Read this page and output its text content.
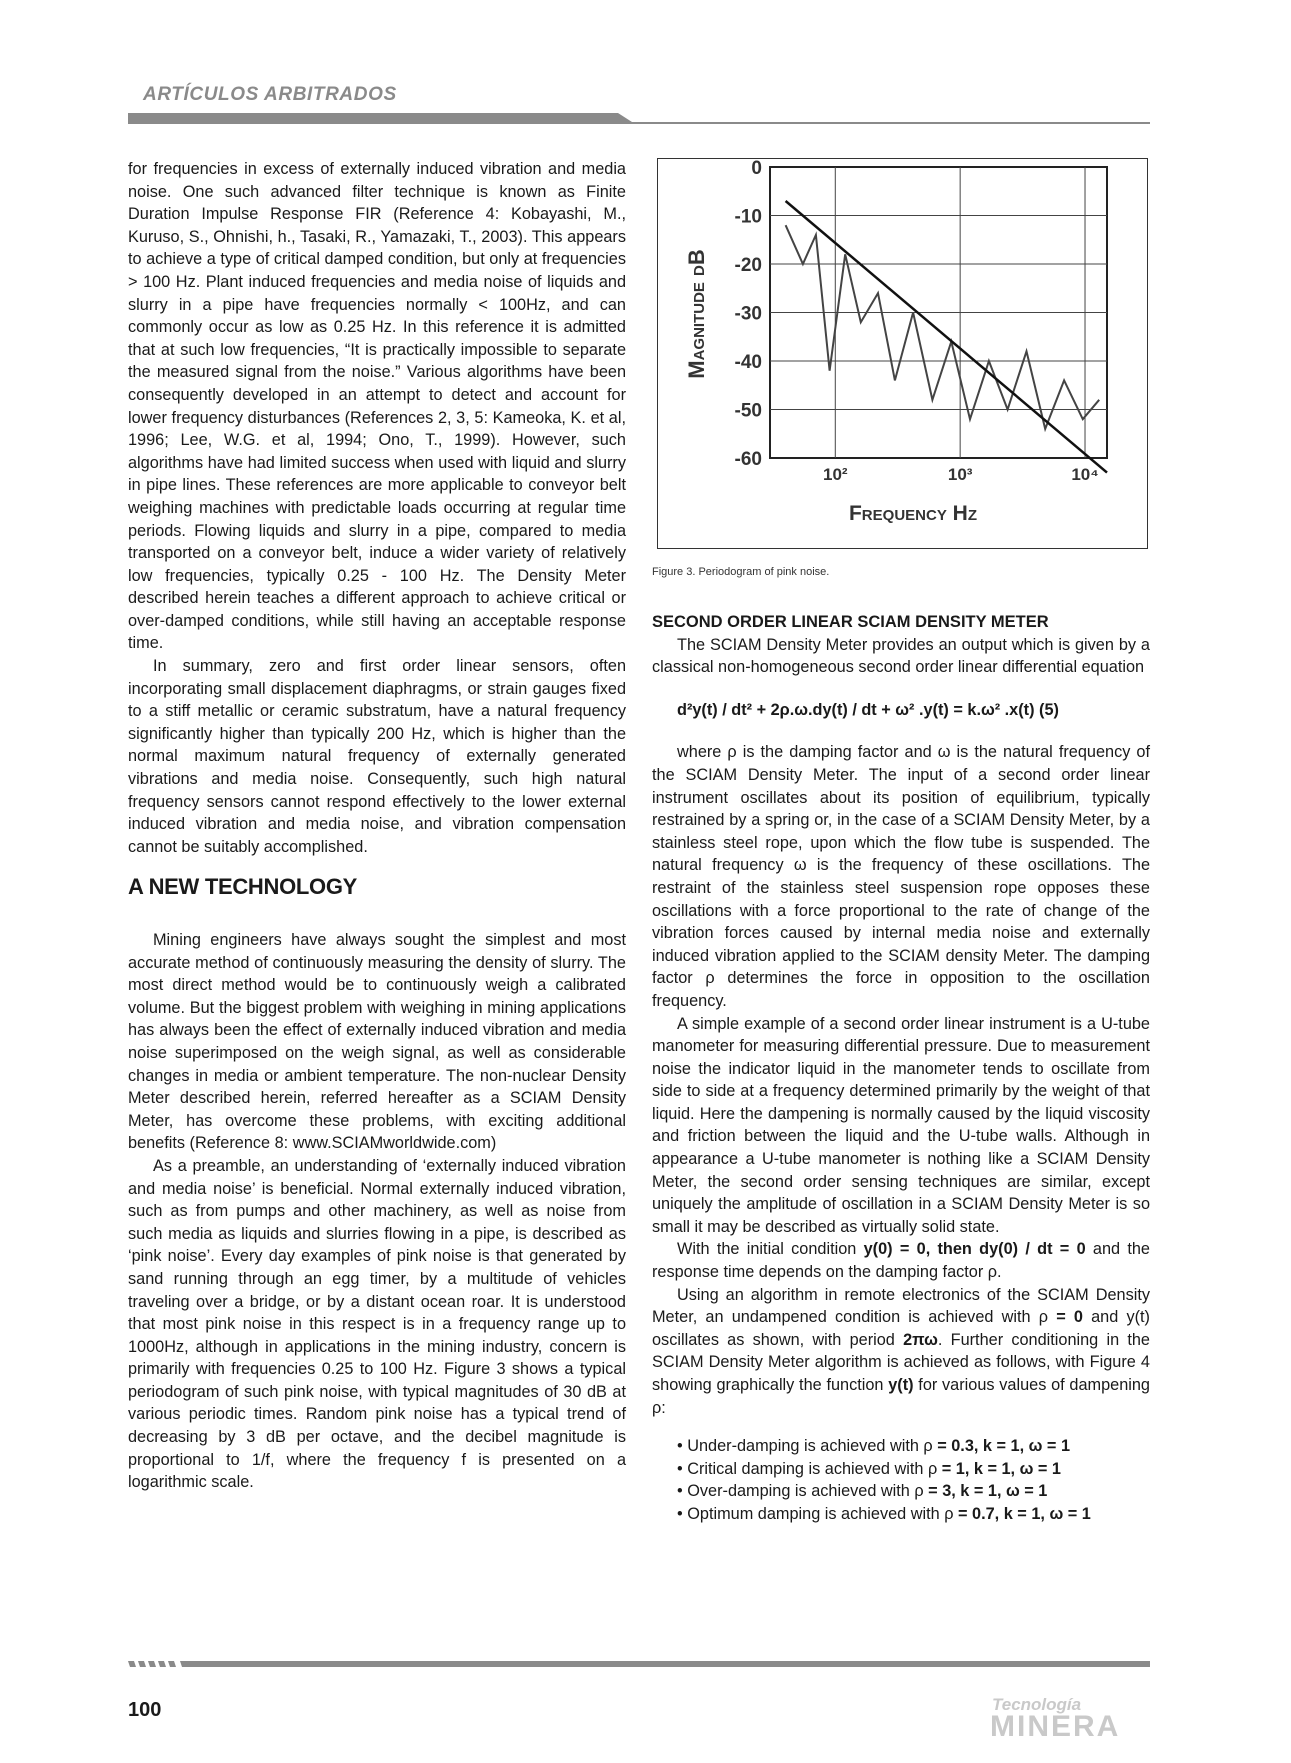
ARTÍCULOS ARBITRADOS

for frequencies in excess of externally induced vibration and media noise. One such advanced filter technique is known as Finite Duration Impulse Response FIR (Reference 4: Kobayashi, M., Kuruso, S., Ohnishi, h., Tasaki, R., Yamazaki, T., 2003). This appears to achieve a type of critical damped condition, but only at frequencies > 100 Hz. Plant induced frequencies and media noise of liquids and slurry in a pipe have frequencies normally < 100Hz, and can commonly occur as low as 0.25 Hz. In this reference it is admitted that at such low frequencies, “It is practically impossible to separate the measured signal from the noise.” Various algorithms have been consequently developed in an attempt to detect and account for lower frequency disturbances (References 2, 3, 5: Kameoka, K. et al, 1996; Lee, W.G. et al, 1994; Ono, T., 1999). However, such algorithms have had limited success when used with liquid and slurry in pipe lines. These references are more applicable to conveyor belt weighing machines with predictable loads occurring at regular time periods. Flowing liquids and slurry in a pipe, compared to media transported on a conveyor belt, induce a wider variety of relatively low frequencies, typically 0.25 - 100 Hz. The Density Meter described herein teaches a different approach to achieve critical or over-damped conditions, while still having an acceptable response time.

In summary, zero and first order linear sensors, often incorporating small displacement diaphragms, or strain gauges fixed to a stiff metallic or ceramic substratum, have a natural frequency significantly higher than typically 200 Hz, which is higher than the normal maximum natural frequency of externally generated vibrations and media noise. Consequently, such high natural frequency sensors cannot respond effectively to the lower external induced vibration and media noise, and vibration compensation cannot be suitably accomplished.

A NEW TECHNOLOGY

Mining engineers have always sought the simplest and most accurate method of continuously measuring the density of slurry. The most direct method would be to continuously weigh a calibrated volume. But the biggest problem with weighing in mining applications has always been the effect of externally induced vibration and media noise superimposed on the weigh signal, as well as considerable changes in media or ambient temperature. The non-nuclear Density Meter described herein, referred hereafter as a SCIAM Density Meter, has overcome these problems, with exciting additional benefits (Reference 8: www.SCIAMworldwide.com)

As a preamble, an understanding of ‘externally induced vibration and media noise’ is beneficial. Normal externally induced vibration, such as from pumps and other machinery, as well as noise from such media as liquids and slurries flowing in a pipe, is described as ‘pink noise’. Every day examples of pink noise is that generated by sand running through an egg timer, by a multitude of vehicles traveling over a bridge, or by a distant ocean roar. It is understood that most pink noise in this respect is in a frequency range up to 1000Hz, although in applications in the mining industry, concern is primarily with frequencies 0.25 to 100 Hz. Figure 3 shows a typical periodogram of such pink noise, with typical magnitudes of 30 dB at various periodic times. Random pink noise has a typical trend of decreasing by 3 dB per octave, and the decibel magnitude is proportional to 1/f, where the frequency f is presented on a logarithmic scale.

0
-10
-20
-30
-40
-50
-60
10²	10³	10⁴
Magnitude dB
Frequency Hz
Figure 3. Periodogram of pink noise.
SECOND ORDER LINEAR SCIAM DENSITY METER

The SCIAM Density Meter provides an output which is given by a classical non-homogeneous second order linear differential equation

d²y(t) / dt² + 2ρ.ω.dy(t) / dt + ω² .y(t) = k.ω² .x(t) (5)

where ρ is the damping factor and ω is the natural frequency of the SCIAM Density Meter. The input of a second order linear instrument oscillates about its position of equilibrium, typically restrained by a spring or, in the case of a SCIAM Density Meter, by a stainless steel rope, upon which the flow tube is suspended. The natural frequency ω is the frequency of these oscillations. The restraint of the stainless steel suspension rope opposes these oscillations with a force proportional to the rate of change of the vibration forces caused by internal media noise and externally induced vibration applied to the SCIAM density Meter. The damping factor ρ determines the force in opposition to the oscillation frequency.

A simple example of a second order linear instrument is a U-tube manometer for measuring differential pressure. Due to measurement noise the indicator liquid in the manometer tends to oscillate from side to side at a frequency determined primarily by the weight of that liquid. Here the dampening is normally caused by the liquid viscosity and friction between the liquid and the U-tube walls. Although in appearance a U-tube manometer is nothing like a SCIAM Density Meter, the second order sensing techniques are similar, except uniquely the amplitude of oscillation in a SCIAM Density Meter is so small it may be described as virtually solid state.

With the initial condition y(0) = 0, then dy(0) / dt = 0 and the response time depends on the damping factor ρ.

Using an algorithm in remote electronics of the SCIAM Density Meter, an undampened condition is achieved with ρ = 0 and y(t) oscillates as shown, with period 2πω. Further conditioning in the SCIAM Density Meter algorithm is achieved as follows, with Figure 4 showing graphically the function y(t) for various values of dampening ρ:

• Under-damping is achieved with ρ = 0.3, k = 1, ω = 1
• Critical damping is achieved with ρ = 1, k = 1, ω = 1
• Over-damping is achieved with ρ = 3, k = 1, ω = 1
• Optimum damping is achieved with ρ = 0.7, k = 1, ω = 1
100	Tecnología
MINERA
